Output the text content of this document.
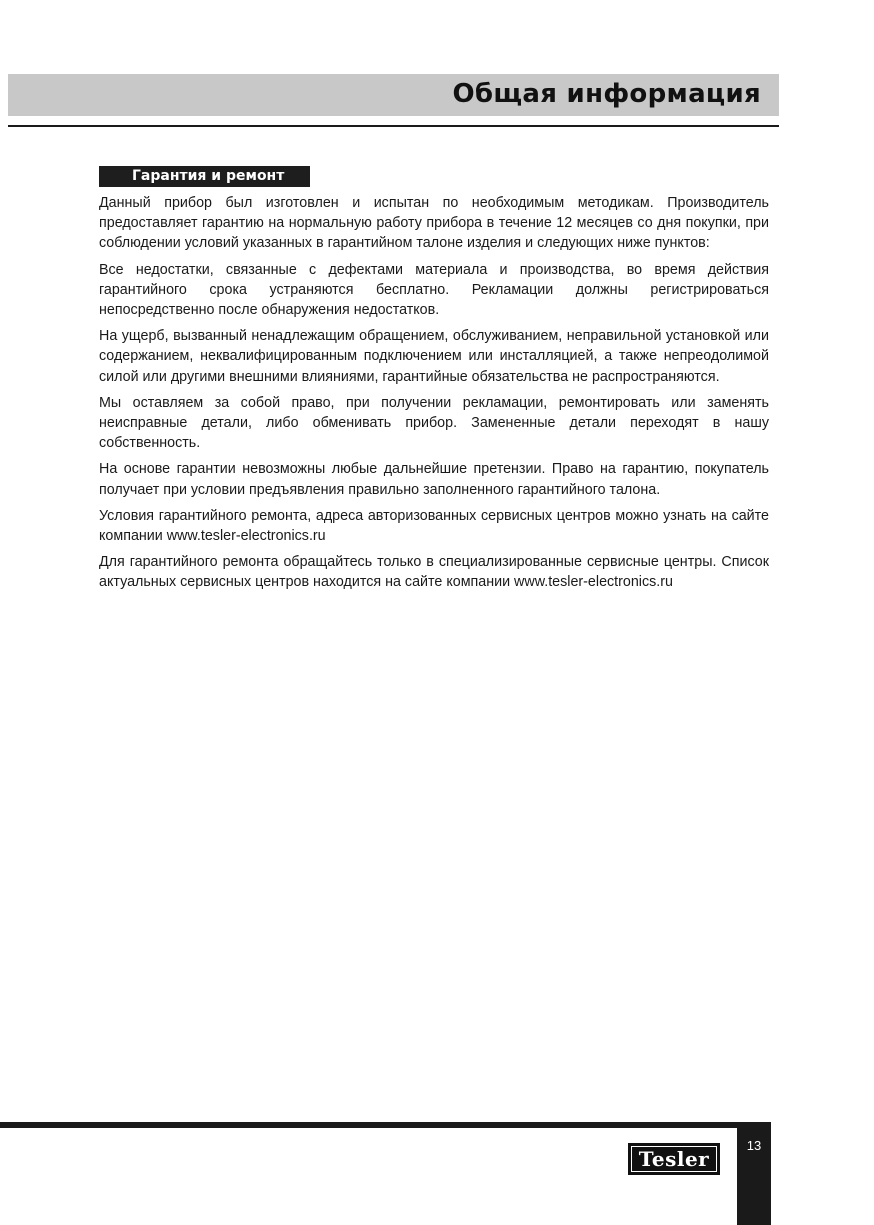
Общая информация
Гарантия и ремонт

Данный прибор был изготовлен и испытан по необходимым методикам. Производитель предоставляет гарантию на нормальную работу прибора в течение 12 месяцев со дня покупки, при соблюдении условий указанных в гарантийном талоне изделия и следующих ниже пунктов:

Все недостатки, связанные с дефектами материала и производства, во время действия гарантийного срока устраняются бесплатно. Рекламации должны регистрироваться непосредственно после обнаружения недостатков.

На ущерб, вызванный ненадлежащим обращением, обслуживанием, неправильной установкой или содержанием, неквалифицированным подключением или инсталляцией, а также непреодолимой силой или другими внешними влияниями, гарантийные обязательства не распространяются.

Мы оставляем за собой право, при получении рекламации, ремонтировать или заменять неисправные детали, либо обменивать прибор. Замененные детали переходят в нашу собственность.

На основе гарантии невозможны любые дальнейшие претензии. Право на гарантию, покупатель получает при условии предъявления правильно заполненного гарантийного талона.

Условия гарантийного ремонта, адреса авторизованных сервисных центров можно узнать на сайте компании www.tesler-electronics.ru

Для гарантийного ремонта обращайтесь только в специализированные сервисные центры. Список актуальных сервисных центров находится на сайте компании www.tesler-electronics.ru

13
Tesler
